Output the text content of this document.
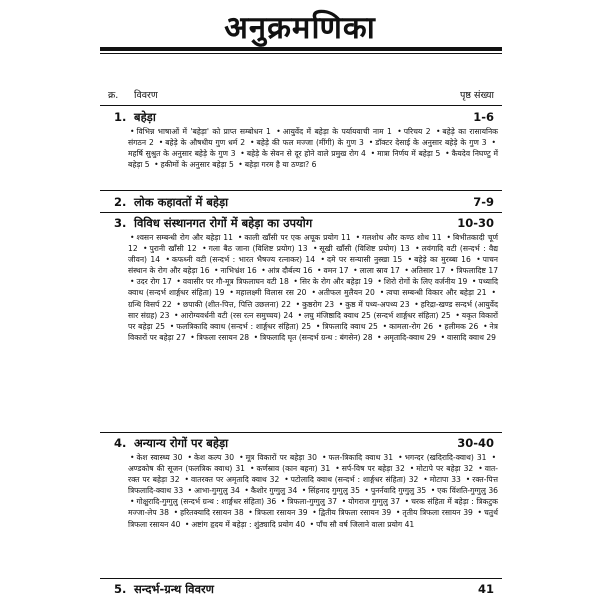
अनुक्रमणिका
क्र.	विवरण	पृष्ठ संख्या
1. बहेड़ा	1-6
• विभिन्न भाषाओं में 'बहेड़ा' को प्राप्त सम्बोधन 1 • आयुर्वेद में बहेड़ा के पर्यायवाची नाम 1 • परिचय 2 • बहेड़े का रासायनिक संगठन 2 • बहेड़े के औषधीय गुण धर्म 2 • बहेड़े की फल मज्जा (मींगी) के गुण 3 • डॉक्टर देसाई के अनुसार बहेड़े के गुण 3 •महर्षि सुश्रुत के अनुसार बहेड़े के गुण 3 • बहेड़े के सेवन से दूर होने वाले प्रमुख रोग 4 • मात्रा निर्णय में बहेड़ा 5 • कैयदेव निघण्टु में बहेड़ा 5 • हकीमों के अनुसार बहेड़ा 5 • बहेड़ा गरम है या ठण्डा? 6
2. लोक कहावतों में बहेड़ा	7-9
3. विविध संस्थानगत रोगों में बहेड़ा का उपयोग	10-30
• श्वसन सम्बन्धी रोग और बहेड़ा 11 • काली खाँसी पर एक अचूक प्रयोग 11 • गलशोथ और कण्ठ शोथ 11 • बिभीतकादी चूर्ण 12 • पुरानी खाँसी 12 • गला बैठ जाना (विशिष्ट प्रयोग) 13 • सूखी खाँसी (विशिष्ट प्रयोग) 13 • लवंगादि वटी (सन्दर्भ : वैद्य जीवन) 14 • कफध्नी वटी (सन्दर्भ : भारत भैषज्य रत्नाकर) 14 • दमे पर सन्यासी नुस्खा 15 • बहेड़े का मुरब्बा 16 • पाचन संस्थान के रोग और बहेड़ा 16 • नाभिभ्रंश 16 • आंत्र दौर्बल्य 16 • वमन 17 • लाला स्राव 17 • अतिसार 17 • त्रिफलादिष्ट 17 • उदर रोग 17 • ववासीर पर गौ-मूत्र त्रिफलाघन वटी 18 • सिर के रोग और बहेड़ा 19 • शिरो रोगों के लिए वर्जनीय 19 • पथ्यादि क्वाथ (सन्दर्भ शार्ङ्गधर संहिता) 19 • महालक्ष्मी विलास रस 20 • अतीफल मुलैयन 20 • त्वचा सम्बन्धी विकार और बहेड़ा 21 •ग्रन्थि विसर्प 22 • छपाकी (शीत-पित्त, पित्ति उछलना) 22 • कुष्ठरोग 23 • कुष्ठ में पथ्य-अपथ्य 23 • हरिद्रा-खण्ड सन्दर्भ (आयुर्वेद सार संग्रह) 23 • आरोग्यवर्धनी वटी (रस रत्न समुच्चय) 24 • लघु मंजिष्ठादि क्वाथ 25 (सन्दर्भ शार्ङ्गधर संहिता) 25 • यकृत विकारों पर बहेड़ा 25 • फलत्रिकादि क्वाथ (सन्दर्भ : शार्ङ्गधर संहिता) 25 • त्रिफलादि क्वाथ 25 • कामला-रोग 26 • हलीमक 26 • नेत्र विकारों पर बहेड़ा 27 • त्रिफला रसायन 28 • त्रिफलादि घृत (सन्दर्भ ग्रन्थ : बंगसेन) 28 • अमृतादि-क्वाथ 29 • वासादि क्वाथ 29
4. अन्यान्य रोगों पर बहेड़ा	30-40
• केश स्वास्थ्य 30 • केश कल्प 30 • मूत्र विकारों पर बहेड़ा 30 • फल-त्रिकादि क्वाथ 31 • भगन्दर (खदिरादि-क्वाथ) 31 •अण्डकोष की सूजन (फलत्रिक क्वाथ) 31 • कर्णस्राव (कान बहना) 31 • सर्प-विष पर बहेड़ा 32 • मोटापे पर बहेड़ा 32 • वात-रक्त पर बहेड़ा 32 • वातरक्त पर अमृतादि क्वाथ 32 • पटोलादि क्वाथ (सन्दर्भ : शार्ङ्गधर संहिता) 32 • मोटापा 33 • रक्त-पित्त त्रिफलादि-क्वाथ 33 • आभा-गुग्गुलु 34 • कैशोर गुग्गुलु 34 • सिंहनाद गुग्गुलु 35 • पुनर्नवादि गुग्गुलु 35 • एक विंशति-गुग्गुलु 36 • गोक्षुरादि-गुग्गुलु (सन्दर्भ ग्रन्थ : शार्ङ्गधर संहिता) 36 • त्रिफला-गुग्गुलु 37 • योगराज गुग्गुलु 37 • चरक संहिता में बहेड़ा : त्रिकटुक मज्जा-लेप 38 • हरितक्यादि रसायन 38 • त्रिफला रसायन 39 • द्वितीय त्रिफला रसायन 39 • तृतीय त्रिफला रसायन 39 • चतुर्थ त्रिफला रसायन 40 • अष्टांग हृदय में बहेड़ा : शुंठ्यादि प्रयोग 40 • पाँच सौ वर्ष जिलाने वाला प्रयोग 41
5. सन्दर्भ-ग्रन्थ विवरण	41
